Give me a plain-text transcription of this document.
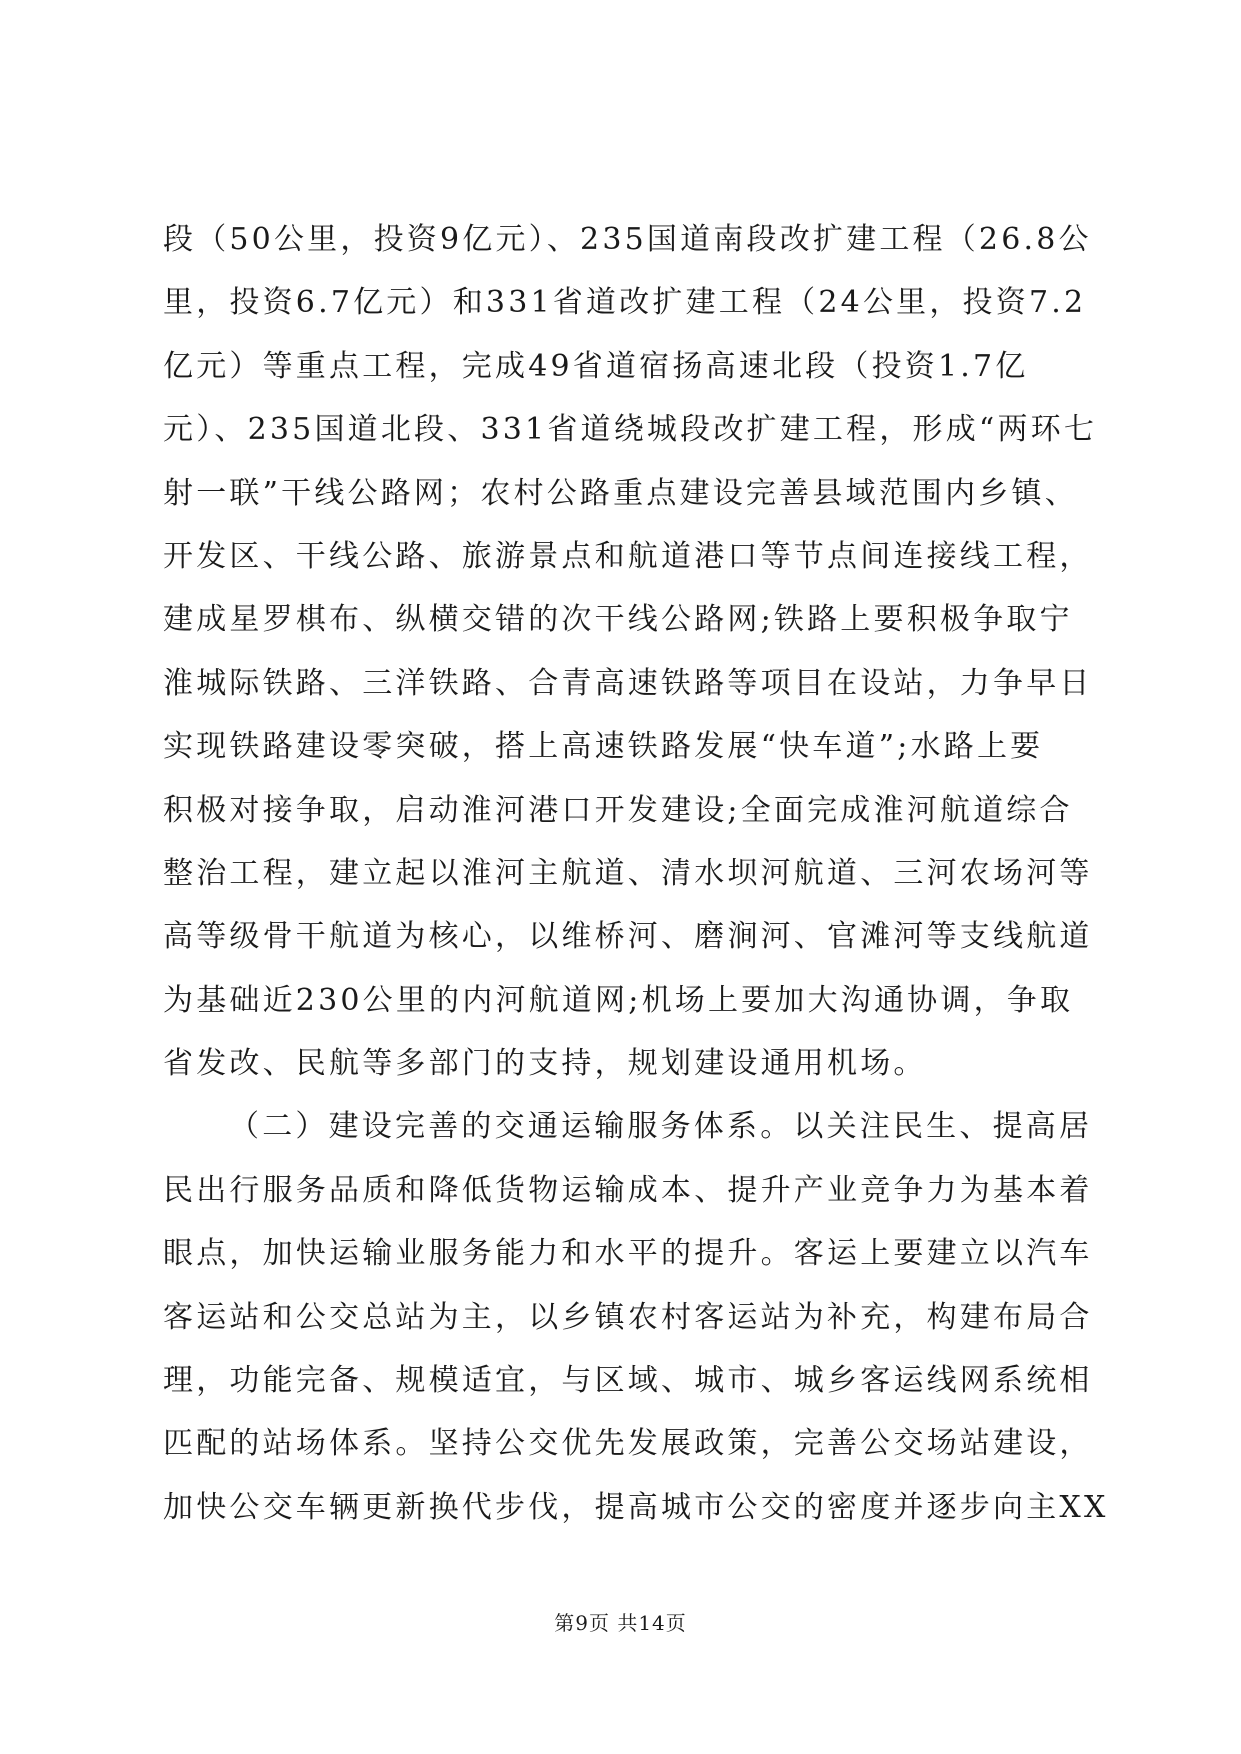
段（50公里，投资9亿元）、235国道南段改扩建工程（26.8公
里，投资6.7亿元）和331省道改扩建工程（24公里，投资7.2
亿元）等重点工程，完成49省道宿扬高速北段（投资1.7亿
元）、235国道北段、331省道绕城段改扩建工程，形成“两环七
射一联”干线公路网；农村公路重点建设完善县域范围内乡镇、
开发区、干线公路、旅游景点和航道港口等节点间连接线工程，
建成星罗棋布、纵横交错的次干线公路网;铁路上要积极争取宁
淮城际铁路、三洋铁路、合青高速铁路等项目在设站，力争早日
实现铁路建设零突破，搭上高速铁路发展“快车道”;水路上要
积极对接争取，启动淮河港口开发建设;全面完成淮河航道综合
整治工程，建立起以淮河主航道、清水坝河航道、三河农场河等
高等级骨干航道为核心，以维桥河、磨涧河、官滩河等支线航道
为基础近230公里的内河航道网;机场上要加大沟通协调，争取
省发改、民航等多部门的支持，规划建设通用机场。
（二）建设完善的交通运输服务体系。以关注民生、提高居
民出行服务品质和降低货物运输成本、提升产业竞争力为基本着
眼点，加快运输业服务能力和水平的提升。客运上要建立以汽车
客运站和公交总站为主，以乡镇农村客运站为补充，构建布局合
理，功能完备、规模适宜，与区域、城市、城乡客运线网系统相
匹配的站场体系。坚持公交优先发展政策，完善公交场站建设，
加快公交车辆更新换代步伐，提高城市公交的密度并逐步向主XX
第9页 共14页
